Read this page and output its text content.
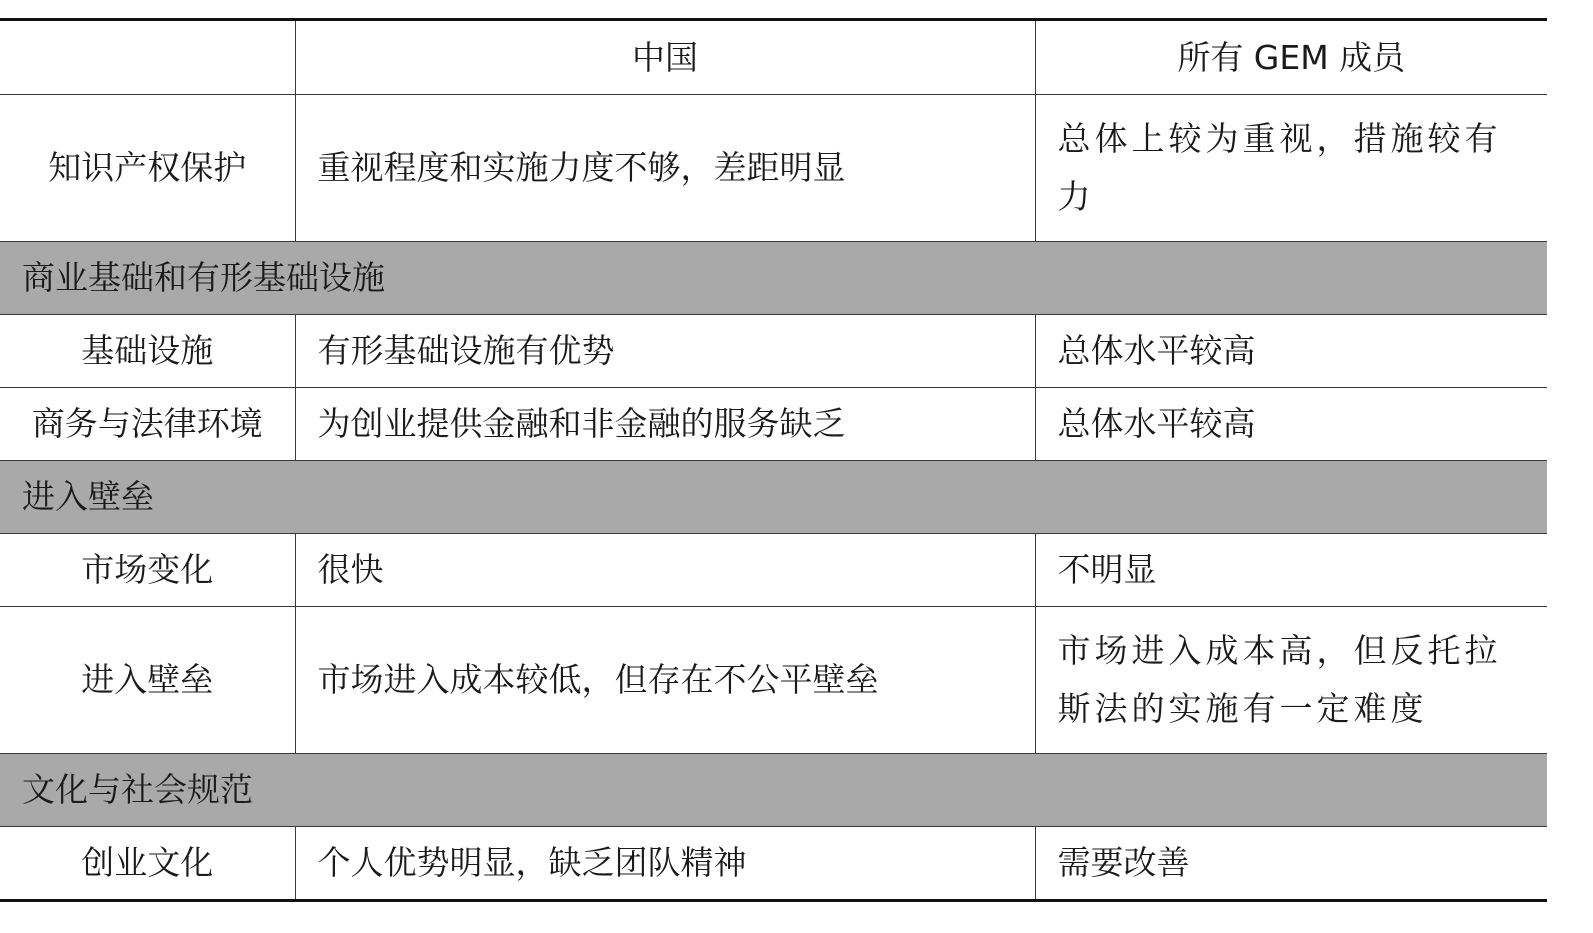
	中国	所有 GEM 成员
知识产权保护	重视程度和实施力度不够，差距明显	总体上较为重视，措施较有力
商业基础和有形基础设施		
基础设施	有形基础设施有优势	总体水平较高
商务与法律环境	为创业提供金融和非金融的服务缺乏	总体水平较高
进入壁垒		
市场变化	很快	不明显
进入壁垒	市场进入成本较低，但存在不公平壁垒	市场进入成本高，但反托拉斯法的实施有一定难度
文化与社会规范		
创业文化	个人优势明显，缺乏团队精神	需要改善
